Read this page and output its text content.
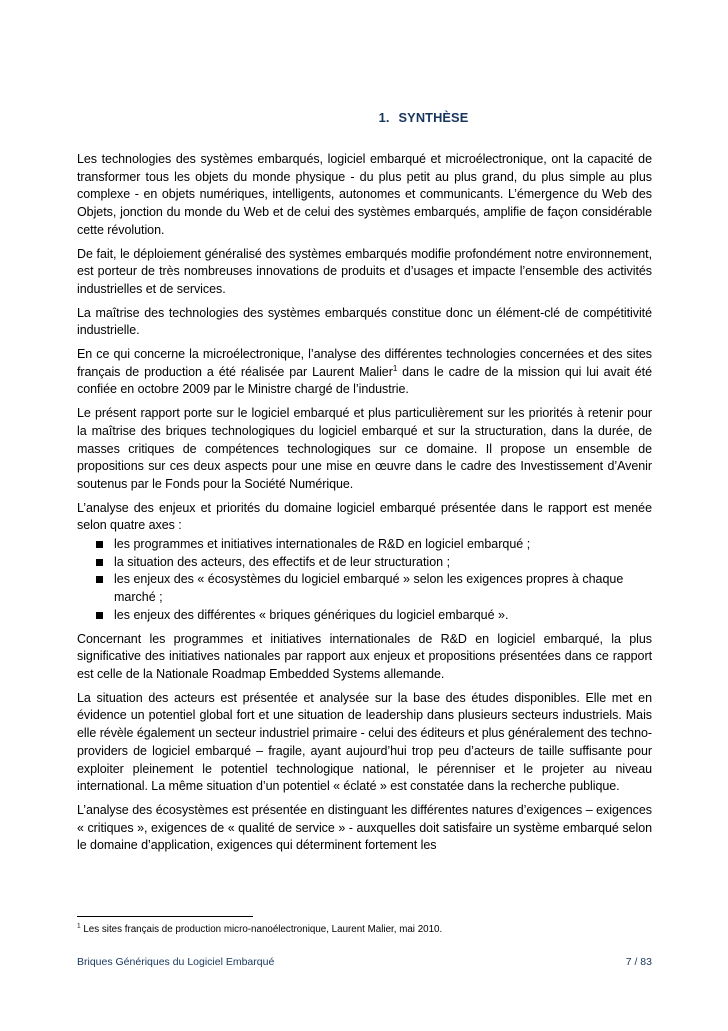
1. SYNTHÈSE

Les technologies des systèmes embarqués, logiciel embarqué et microélectronique, ont la capacité de transformer tous les objets du monde physique - du plus petit au plus grand, du plus simple au plus complexe - en objets numériques, intelligents, autonomes et communicants. L’émergence du Web des Objets, jonction du monde du Web et de celui des systèmes embarqués, amplifie de façon considérable cette révolution.

De fait, le déploiement généralisé des systèmes embarqués modifie profondément notre environnement, est porteur de très nombreuses innovations de produits et d’usages et impacte l’ensemble des activités industrielles et de services.

La maîtrise des technologies des systèmes embarqués constitue donc un élément-clé de compétitivité industrielle.

En ce qui concerne la microélectronique, l’analyse des différentes technologies concernées et des sites français de production a été réalisée par Laurent Malier$^1$ dans le cadre de la mission qui lui avait été confiée en octobre 2009 par le Ministre chargé de l’industrie.

Le présent rapport porte sur le logiciel embarqué et plus particulièrement sur les priorités à retenir pour la maîtrise des briques technologiques du logiciel embarqué et sur la structuration, dans la durée, de masses critiques de compétences technologiques sur ce domaine. Il propose un ensemble de propositions sur ces deux aspects pour une mise en œuvre dans le cadre des Investissement d’Avenir soutenus par le Fonds pour la Société Numérique.

L’analyse des enjeux et priorités du domaine logiciel embarqué présentée dans le rapport est menée selon quatre axes :

les programmes et initiatives internationales de R&D en logiciel embarqué ;
la situation des acteurs, des effectifs et de leur structuration ;
les enjeux des « écosystèmes du logiciel embarqué » selon les exigences propres à chaque marché ;
les enjeux des différentes « briques génériques du logiciel embarqué ».

Concernant les programmes et initiatives internationales de R&D en logiciel embarqué, la plus significative des initiatives nationales par rapport aux enjeux et propositions présentées dans ce rapport est celle de la Nationale Roadmap Embedded Systems allemande.

La situation des acteurs est présentée et analysée sur la base des études disponibles. Elle met en évidence un potentiel global fort et une situation de leadership dans plusieurs secteurs industriels. Mais elle révèle également un secteur industriel primaire - celui des éditeurs et plus généralement des techno-providers de logiciel embarqué – fragile, ayant aujourd’hui trop peu d’acteurs de taille suffisante pour exploiter pleinement le potentiel technologique national, le pérenniser et le projeter au niveau international. La même situation d’un potentiel « éclaté » est constatée dans la recherche publique.

L’analyse des écosystèmes est présentée en distinguant les différentes natures d’exigences – exigences « critiques », exigences de « qualité de service » - auxquelles doit satisfaire un système embarqué selon le domaine d’application, exigences qui déterminent fortement les

$^1$ Les sites français de production micro-nanoélectronique, Laurent Malier, mai 2010.
Briques Génériques du Logiciel Embarqué	7 / 83
